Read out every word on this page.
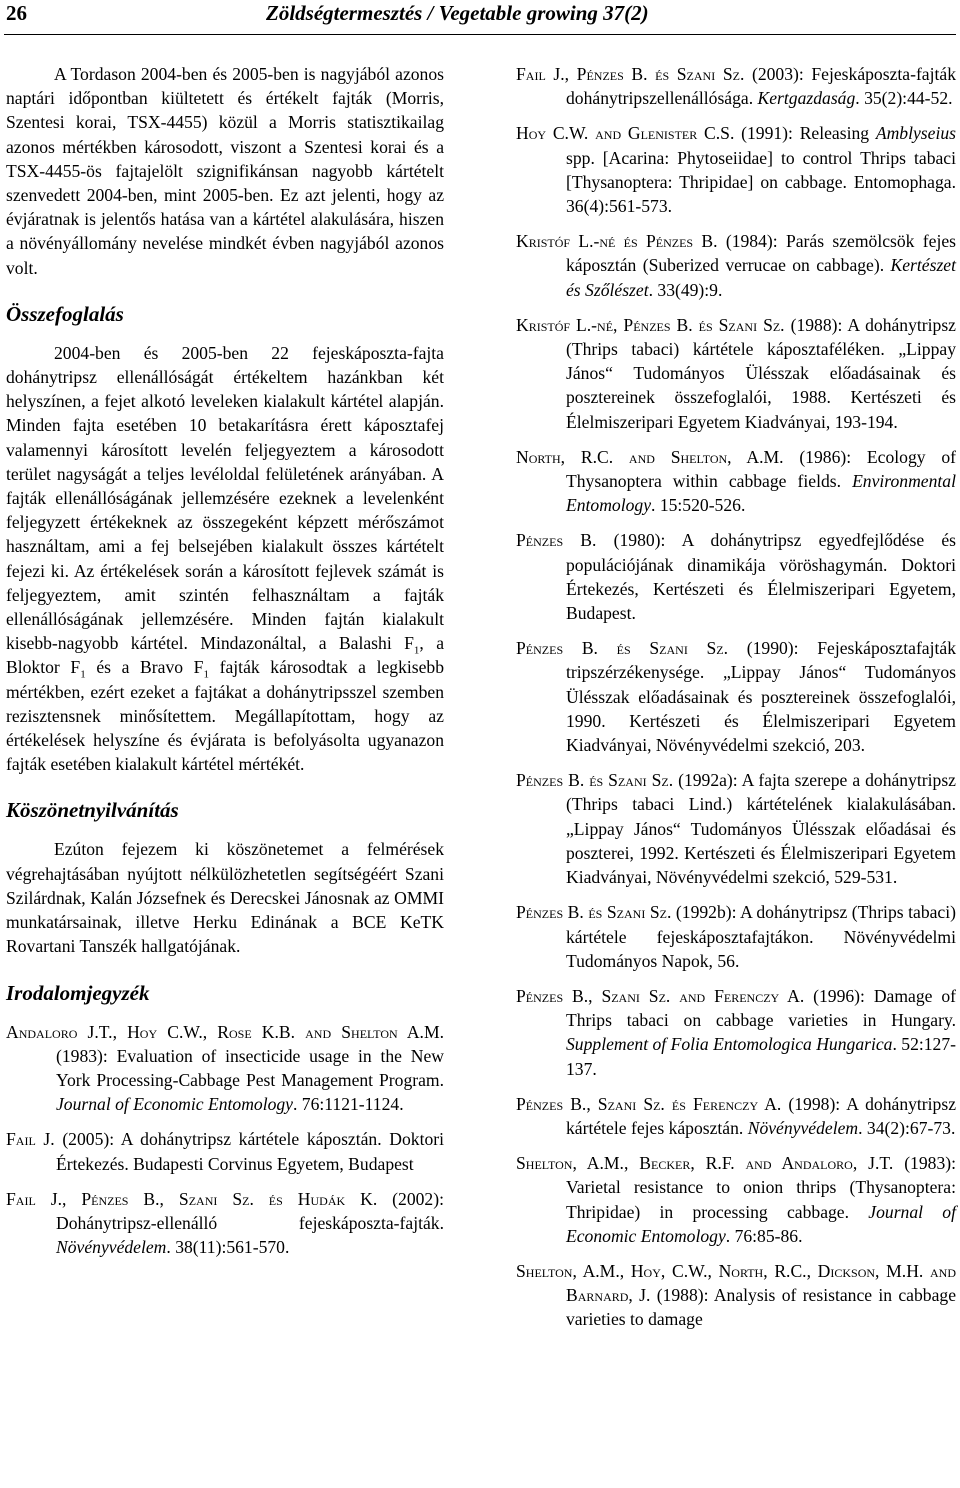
26	Zöldségtermesztés / Vegetable growing 37(2)

A Tordason 2004-ben és 2005-ben is nagyjából azonos naptári időpontban kiültetett és értékelt fajták (Morris, Szentesi korai, TSX-4455) közül a Morris statisztikailag azonos mértékben károsodott, viszont a Szentesi korai és a TSX-4455-ös fajtajelölt szignifikánsan nagyobb kártételt szenvedett 2004-ben, mint 2005-ben. Ez azt jelenti, hogy az évjáratnak is jelentős hatása van a kártétel alakulására, hiszen a növényállomány nevelése mindkét évben nagyjából azonos volt.

Összefoglalás

2004-ben és 2005-ben 22 fejeskáposzta-fajta dohánytripsz ellenállóságát értékeltem hazánkban két helyszínen, a fejet alkotó leveleken kialakult kártétel alapján. Minden fajta esetében 10 betakarításra érett káposztafej valamennyi károsított levelén feljegyeztem a károsodott terület nagyságát a teljes levéloldal felületének arányában. A fajták ellenállóságának jellemzésére ezeknek a levelenként feljegyzett értékeknek az összegeként képzett mérőszámot használtam, ami a fej belsejében kialakult összes kártételt fejezi ki. Az értékelések során a károsított fejlevek számát is feljegyeztem, amit szintén felhasználtam a fajták ellenállóságának jellemzésére. Minden fajtán kialakult kisebb-nagyobb kártétel. Mindazonáltal, a Balashi $F_1$, a Bloktor $F_1$ és a Bravo $F_1$ fajták károsodtak a legkisebb mértékben, ezért ezeket a fajtákat a dohánytripsszel szemben rezisztensnek minősítettem. Megállapítottam, hogy az értékelések helyszíne és évjárata is befolyásolta ugyanazon fajták esetében kialakult kártétel mértékét.

Köszönetnyilvánítás

Ezúton fejezem ki köszönetemet a felmérések végrehajtásában nyújtott nélkülözhetetlen segítségéért Szani Szilárdnak, Kalán Józsefnek és Derecskei Jánosnak az OMMI munkatársainak, illetve Herku Edinának a BCE KeTK Rovartani Tanszék hallgatójának.

Irodalomjegyzék

Andaloro J.T., Hoy C.W., Rose K.B. and Shelton A.M. (1983): Evaluation of insecticide usage in the New York Processing-Cabbage Pest Management Program. Journal of Economic Entomology. 76:1121-1124.

Fail J. (2005): A dohánytripsz kártétele káposztán. Doktori Értekezés. Budapesti Corvinus Egyetem, Budapest

Fail J., Pénzes B., Szani Sz. és Hudák K. (2002): Dohánytripsz-ellenálló fejeskáposzta-fajták. Növényvédelem. 38(11):561-570.

Fail J., Pénzes B. és Szani Sz. (2003): Fejeskáposzta-fajták dohánytripszellenállósága. Kertgazdaság. 35(2):44-52.

Hoy C.W. and Glenister C.S. (1991): Releasing Amblyseius spp. [Acarina: Phytoseiidae] to control Thrips tabaci [Thysanoptera: Thripidae] on cabbage. Entomophaga. 36(4):561-573.

Kristóf L.-né és Pénzes B. (1984): Parás szemölcsök fejes káposztán (Suberized verrucae on cabbage). Kertészet és Szőlészet. 33(49):9.

Kristóf L.-né, Pénzes B. és Szani Sz. (1988): A dohánytripsz (Thrips tabaci) kártétele káposztaféléken. „Lippay János“ Tudományos Ülésszak előadásainak és posztereinek összefoglalói, 1988. Kertészeti és Élelmiszeripari Egyetem Kiadványai, 193-194.

North, R.C. and Shelton, A.M. (1986): Ecology of Thysanoptera within cabbage fields. Environmental Entomology. 15:520-526.

Pénzes B. (1980): A dohánytripsz egyedfejlődése és populációjának dinamikája vöröshagymán. Doktori Értekezés, Kertészeti és Élelmiszeripari Egyetem, Budapest.

Pénzes B. és Szani Sz. (1990): Fejeskáposztafajták tripszérzékenysége. „Lippay János“ Tudományos Ülésszak előadásainak és posztereinek összefoglalói, 1990. Kertészeti és Élelmiszeripari Egyetem Kiadványai, Növényvédelmi szekció, 203.

Pénzes B. és Szani Sz. (1992a): A fajta szerepe a dohánytripsz (Thrips tabaci Lind.) kártételének kialakulásában. „Lippay János“ Tudományos Ülésszak előadásai és poszterei, 1992. Kertészeti és Élelmiszeripari Egyetem Kiadványai, Növényvédelmi szekció, 529-531.

Pénzes B. és Szani Sz. (1992b): A dohánytripsz (Thrips tabaci) kártétele fejeskáposztafajtákon. Növényvédelmi Tudományos Napok, 56.

Pénzes B., Szani Sz. and Ferenczy A. (1996): Damage of Thrips tabaci on cabbage varieties in Hungary. Supplement of Folia Entomologica Hungarica. 52:127-137.

Pénzes B., Szani Sz. és Ferenczy A. (1998): A dohánytripsz kártétele fejes káposztán. Növényvédelem. 34(2):67-73.

Shelton, A.M., Becker, R.F. and Andaloro, J.T. (1983): Varietal resistance to onion thrips (Thysanoptera: Thripidae) in processing cabbage. Journal of Economic Entomology. 76:85-86.

Shelton, A.M., Hoy, C.W., North, R.C., Dickson, M.H. and Barnard, J. (1988): Analysis of resistance in cabbage varieties to damage
